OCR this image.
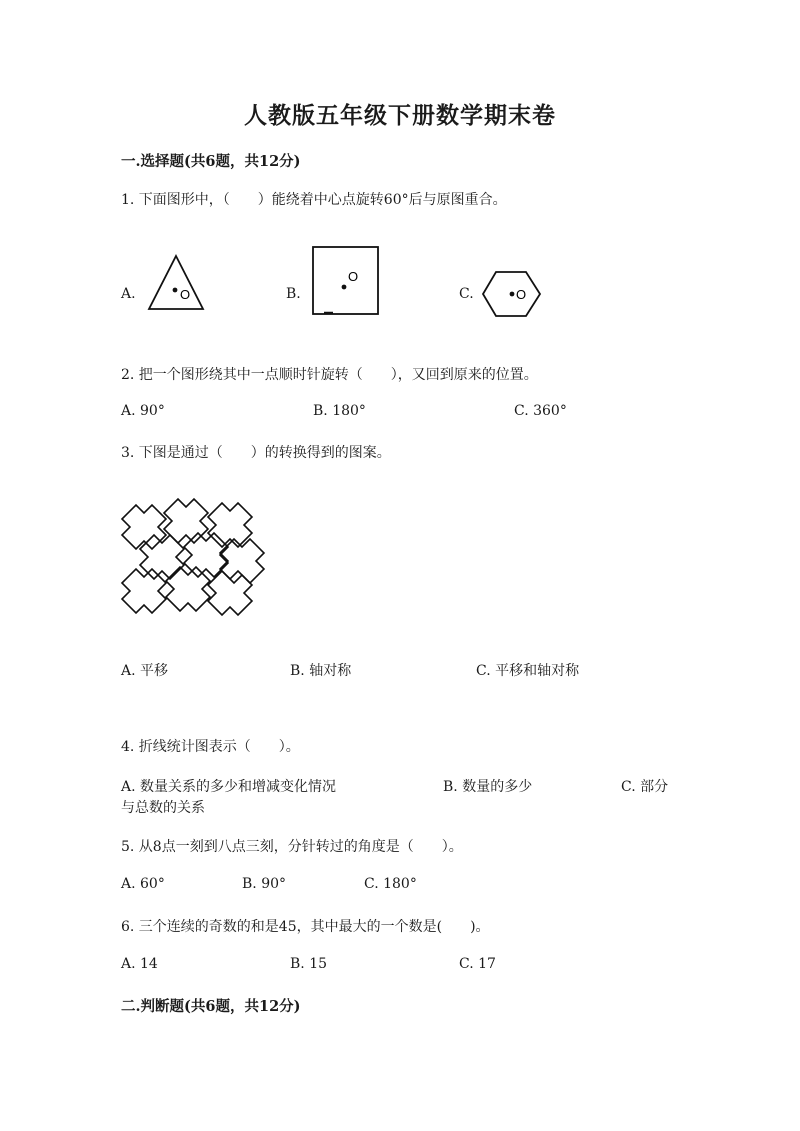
人教版五年级下册数学期末卷
一.选择题(共6题，共12分)
1. 下面图形中，（　　）能绕着中心点旋转60°后与原图重合。
A.	O	B.
O
C.	O
2. 把一个图形绕其中一点顺时针旋转（　　），又回到原来的位置。
A. 90°	B. 180°	C. 360°
3. 下图是通过（　　）的转换得到的图案。
A. 平移	B. 轴对称	C. 平移和轴对称
4. 折线统计图表示（　　）。
A. 数量关系的多少和增减变化情况	B. 数量的多少	C. 部分
与总数的关系
5. 从8点一刻到八点三刻，分针转过的角度是（　　）。
A. 60°	B. 90°	C. 180°
6. 三个连续的奇数的和是45，其中最大的一个数是(　　)。
A. 14	B. 15	C. 17
二.判断题(共6题，共12分)
